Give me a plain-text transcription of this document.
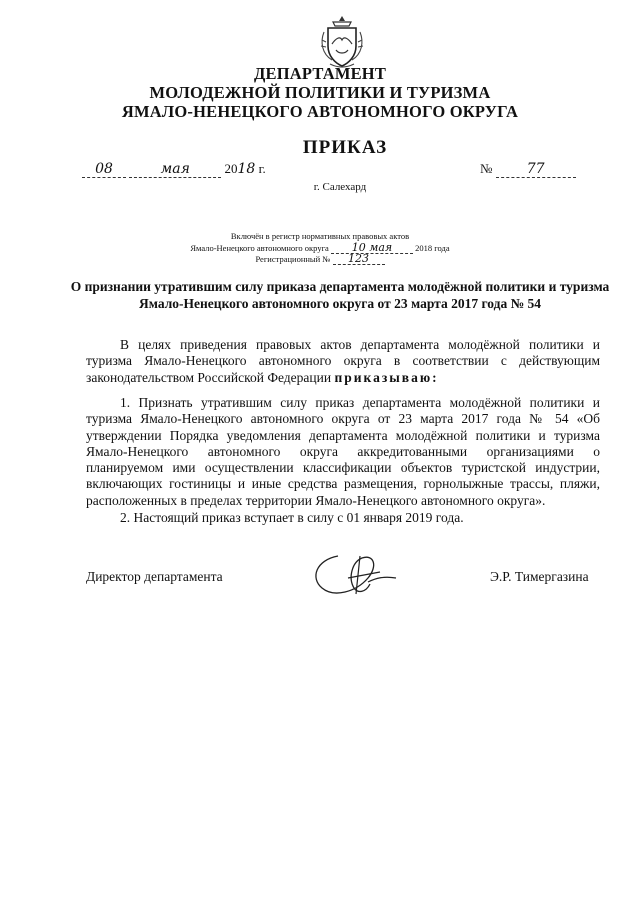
ДЕПАРТАМЕНТ
МОЛОДЕЖНОЙ ПОЛИТИКИ И ТУРИЗМА
ЯМАЛО-НЕНЕЦКОГО АВТОНОМНОГО ОКРУГА
ПРИКАЗ
08	мая	2018 г.	№ 77
г. Салехард
Включён в регистр нормативных правовых актов
Ямало-Ненецкого автономного округа 10 мая	2018 года
Регистрационный № 123
О признании утратившим силу приказа департамента молодёжной политики и туризма Ямало-Ненецкого автономного округа от 23 марта 2017 года № 54

В целях приведения правовых актов департамента молодёжной политики и туризма Ямало-Ненецкого автономного округа в соответствии с действующим законодательством Российской Федерации приказываю:

1. Признать утратившим силу приказ департамента молодёжной политики и туризма Ямало-Ненецкого автономного округа от 23 марта 2017 года № 54 «Об утверждении Порядка уведомления департамента молодёжной политики и туризма Ямало-Ненецкого автономного округа аккредитованными организациями о планируемом ими осуществлении классификации объектов туристской индустрии, включающих гостиницы и иные средства размещения, горнолыжные трассы, пляжи, расположенных в пределах территории Ямало-Ненецкого автономного округа».

2. Настоящий приказ вступает в силу с 01 января 2019 года.

Директор департамента	Э.Р. Тимергазина
